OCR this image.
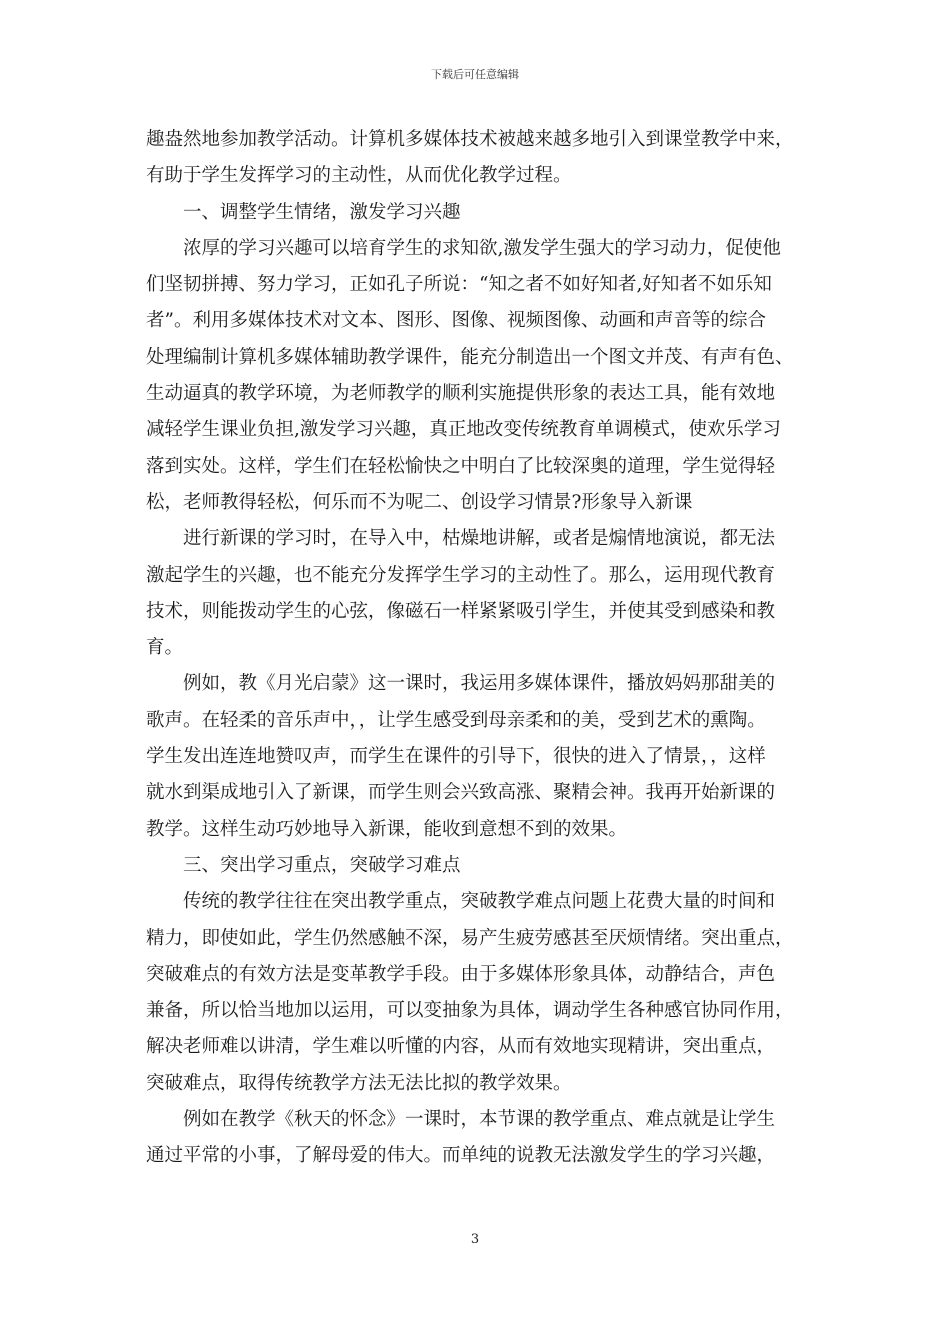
下载后可任意编辑
趣盎然地参加教学活动。计算机多媒体技术被越来越多地引入到课堂教学中来，
有助于学生发挥学习的主动性，从而优化教学过程。
一、调整学生情绪，激发学习兴趣
浓厚的学习兴趣可以培育学生的求知欲,激发学生强大的学习动力，促使他
们坚韧拼搏、努力学习，正如孔子所说：“知之者不如好知者,好知者不如乐知
者”。利用多媒体技术对文本、图形、图像、视频图像、动画和声音等的综合
处理编制计算机多媒体辅助教学课件，能充分制造出一个图文并茂、有声有色、
生动逼真的教学环境，为老师教学的顺利实施提供形象的表达工具，能有效地
减轻学生课业负担,激发学习兴趣，真正地改变传统教育单调模式，使欢乐学习
落到实处。这样，学生们在轻松愉快之中明白了比较深奥的道理，学生觉得轻
松，老师教得轻松，何乐而不为呢二、创设学习情景?形象导入新课
进行新课的学习时，在导入中，枯燥地讲解，或者是煽情地演说，都无法
激起学生的兴趣，也不能充分发挥学生学习的主动性了。那么，运用现代教育
技术，则能拨动学生的心弦，像磁石一样紧紧吸引学生，并使其受到感染和教
育。
例如，教《月光启蒙》这一课时，我运用多媒体课件，播放妈妈那甜美的
歌声。在轻柔的音乐声中，，让学生感受到母亲柔和的美，受到艺术的熏陶。
学生发出连连地赞叹声，而学生在课件的引导下，很快的进入了情景，，这样
就水到渠成地引入了新课，而学生则会兴致高涨、聚精会神。我再开始新课的
教学。这样生动巧妙地导入新课，能收到意想不到的效果。
三、突出学习重点，突破学习难点
传统的教学往往在突出教学重点，突破教学难点问题上花费大量的时间和
精力，即使如此，学生仍然感触不深，易产生疲劳感甚至厌烦情绪。突出重点，
突破难点的有效方法是变革教学手段。由于多媒体形象具体，动静结合，声色
兼备，所以恰当地加以运用，可以变抽象为具体，调动学生各种感官协同作用，
解决老师难以讲清，学生难以听懂的内容，从而有效地实现精讲，突出重点，
突破难点，取得传统教学方法无法比拟的教学效果。
例如在教学《秋天的怀念》一课时，本节课的教学重点、难点就是让学生
通过平常的小事，了解母爱的伟大。而单纯的说教无法激发学生的学习兴趣，
3
